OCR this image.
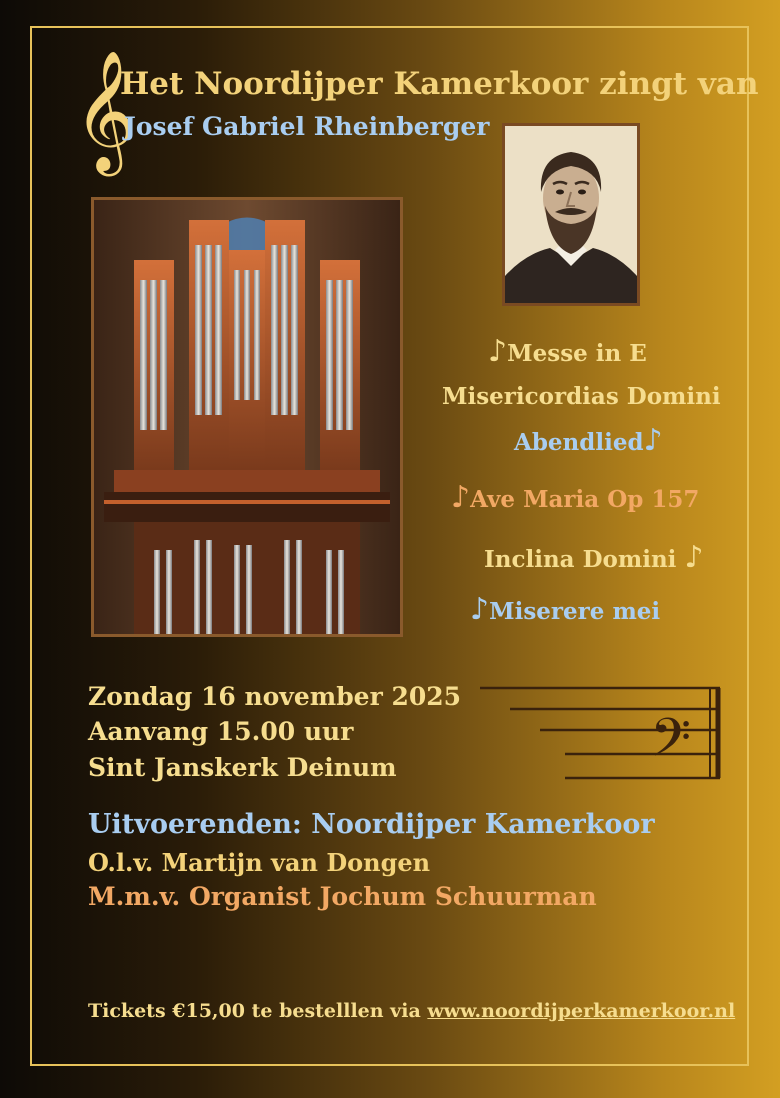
𝄞
Het Noordijper Kamerkoor zingt van
Josef Gabriel Rheinberger
♪Messe in E
Misericordias Domini
Abendlied♪
♪Ave Maria Op 157
Inclina Domini ♪
♪Miserere mei
Zondag 16 november 2025
Aanvang 15.00 uur
Sint Janskerk Deinum	𝄢
Uitvoerenden: Noordijper Kamerkoor
O.l.v. Martijn van Dongen
M.m.v. Organist Jochum Schuurman
Tickets €15,00 te bestelllen via www.noordijperkamerkoor.nl
